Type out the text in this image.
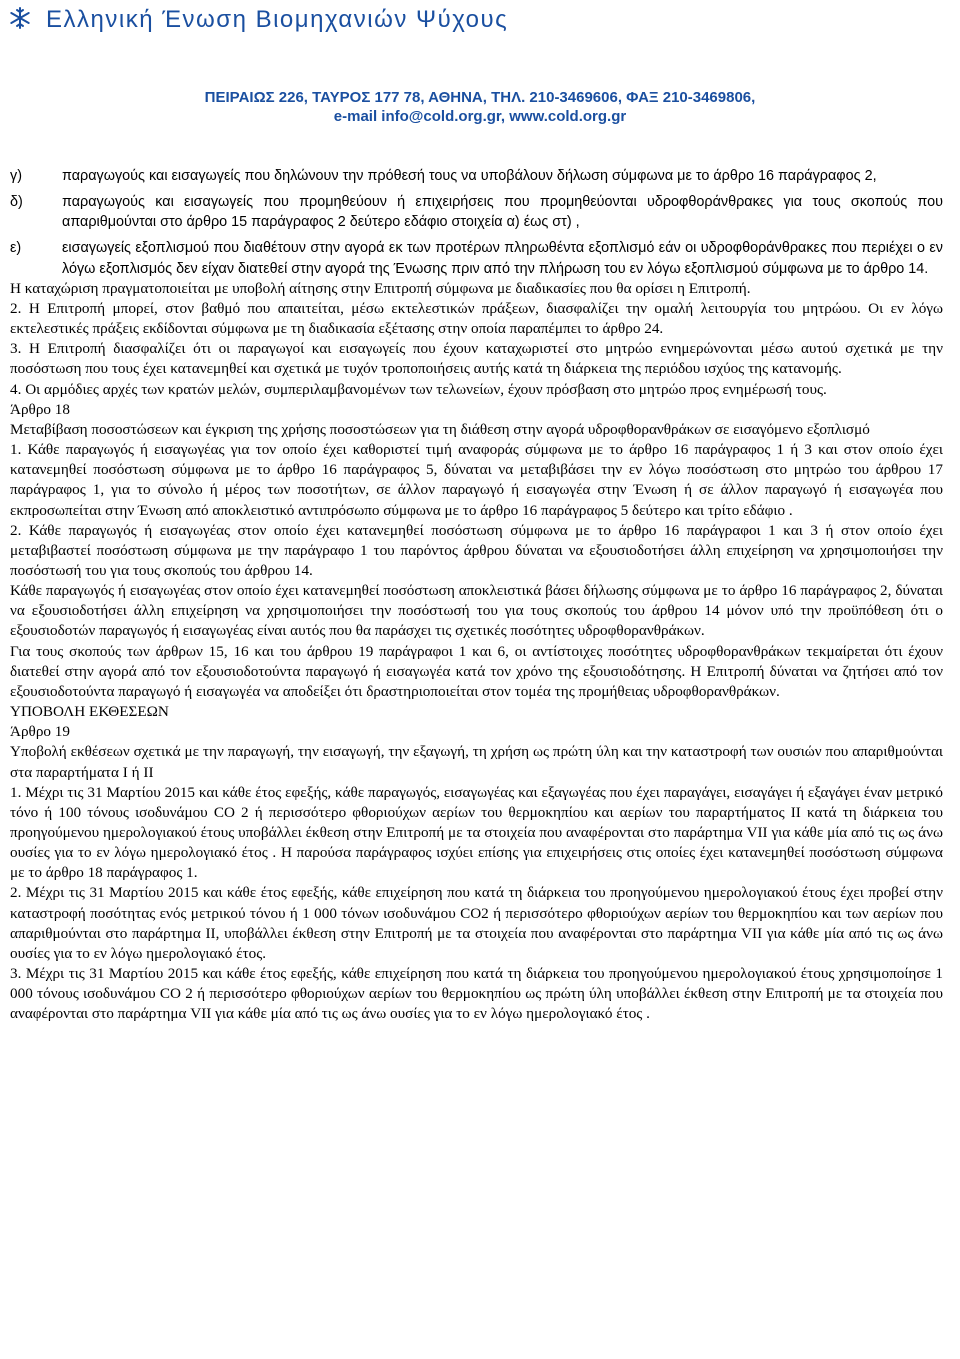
Ελληνική Ένωση Βιομηχανιών Ψύχους
ΠΕΙΡΑΙΩΣ 226, ΤΑΥΡΟΣ 177 78, ΑΘΗΝΑ, ΤΗΛ. 210-3469606, ΦΑΞ 210-3469806,
e-mail info@cold.org.gr, www.cold.org.gr
γ)	παραγωγούς και εισαγωγείς που δηλώνουν την πρόθεσή τους να υποβάλουν δήλωση σύμφωνα με το άρθρο 16 παράγραφος 2,
δ)	παραγωγούς και εισαγωγείς που προμηθεύουν ή επιχειρήσεις που προμηθεύονται υδροφθοράνθρακες για τους σκοπούς που απαριθμούνται στο άρθρο 15 παράγραφος 2 δεύτερο εδάφιο στοιχεία α) έως στ) ,
ε)	εισαγωγείς εξοπλισμού που διαθέτουν στην αγορά εκ των προτέρων πληρωθέντα εξοπλισμό εάν οι υδροφθοράνθρακες που περιέχει ο εν λόγω εξοπλισμός δεν είχαν διατεθεί στην αγορά της Ένωσης πριν από την πλήρωση του εν λόγω εξοπλισμού σύμφωνα με το άρθρο 14.

Η καταχώριση πραγματοποιείται με υποβολή αίτησης στην Επιτροπή σύμφωνα με διαδικασίες που θα ορίσει η Επιτροπή.

2. Η Επιτροπή μπορεί, στον βαθμό που απαιτείται, μέσω εκτελεστικών πράξεων, διασφαλίζει την ομαλή λειτουργία του μητρώου. Οι εν λόγω εκτελεστικές πράξεις εκδίδονται σύμφωνα με τη διαδικασία εξέτασης στην οποία παραπέμπει το άρθρο 24.

3. Η Επιτροπή διασφαλίζει ότι οι παραγωγοί και εισαγωγείς που έχουν καταχωριστεί στο μητρώο ενημερώνονται μέσω αυτού σχετικά με την ποσόστωση που τους έχει κατανεμηθεί και σχετικά με τυχόν τροποποιήσεις αυτής κατά τη διάρκεια της περιόδου ισχύος της κατανομής.

4. Οι αρμόδιες αρχές των κρατών μελών, συμπεριλαμβανομένων των τελωνείων, έχουν πρόσβαση στο μητρώο προς ενημέρωσή τους.

Άρθρο 18

Μεταβίβαση ποσοστώσεων και έγκριση της χρήσης ποσοστώσεων για τη διάθεση στην αγορά υδροφθορανθράκων σε εισαγόμενο εξοπλισμό

1. Κάθε παραγωγός ή εισαγωγέας για τον οποίο έχει καθοριστεί τιμή αναφοράς σύμφωνα με το άρθρο 16 παράγραφος 1 ή 3 και στον οποίο έχει κατανεμηθεί ποσόστωση σύμφωνα με το άρθρο 16 παράγραφος 5, δύναται να μεταβιβάσει την εν λόγω ποσόστωση στο μητρώο του άρθρου 17 παράγραφος 1, για το σύνολο ή μέρος των ποσοτήτων, σε άλλον παραγωγό ή εισαγωγέα στην Ένωση ή σε άλλον παραγωγό ή εισαγωγέα που εκπροσωπείται στην Ένωση από αποκλειστικό αντιπρόσωπο σύμφωνα με το άρθρο 16 παράγραφος 5 δεύτερο και τρίτο εδάφιο .

2. Κάθε παραγωγός ή εισαγωγέας στον οποίο έχει κατανεμηθεί ποσόστωση σύμφωνα με το άρθρο 16 παράγραφοι 1 και 3 ή στον οποίο έχει μεταβιβαστεί ποσόστωση σύμφωνα με την παράγραφο 1 του παρόντος άρθρου δύναται να εξουσιοδοτήσει άλλη επιχείρηση να χρησιμοποιήσει την ποσόστωσή του για τους σκοπούς του άρθρου 14.

Κάθε παραγωγός ή εισαγωγέας στον οποίο έχει κατανεμηθεί ποσόστωση αποκλειστικά βάσει δήλωσης σύμφωνα με το άρθρο 16 παράγραφος 2, δύναται να εξουσιοδοτήσει άλλη επιχείρηση να χρησιμοποιήσει την ποσόστωσή του για τους σκοπούς του άρθρου 14 μόνον υπό την προϋπόθεση ότι ο εξουσιοδοτών παραγωγός ή εισαγωγέας είναι αυτός που θα παράσχει τις σχετικές ποσότητες υδροφθορανθράκων.

Για τους σκοπούς των άρθρων 15, 16 και του άρθρου 19 παράγραφοι 1 και 6, οι αντίστοιχες ποσότητες υδροφθορανθράκων τεκμαίρεται ότι έχουν διατεθεί στην αγορά από τον εξουσιοδοτούντα παραγωγό ή εισαγωγέα κατά τον χρόνο της εξουσιοδότησης. Η Επιτροπή δύναται να ζητήσει από τον εξουσιοδοτούντα παραγωγό ή εισαγωγέα να αποδείξει ότι δραστηριοποιείται στον τομέα της προμήθειας υδροφθορανθράκων.

ΥΠΟΒΟΛΗ ΕΚΘΕΣΕΩΝ

Άρθρο 19

Υποβολή εκθέσεων σχετικά με την παραγωγή, την εισαγωγή, την εξαγωγή, τη χρήση ως πρώτη ύλη και την καταστροφή των ουσιών που απαριθμούνται στα παραρτήματα Ι ή ΙΙ

1. Μέχρι τις 31 Μαρτίου 2015 και κάθε έτος εφεξής, κάθε παραγωγός, εισαγωγέας και εξαγωγέας που έχει παραγάγει, εισαγάγει ή εξαγάγει έναν μετρικό τόνο ή 100 τόνους ισοδυνάμου CO 2 ή περισσότερο φθοριούχων αερίων του θερμοκηπίου και αερίων του παραρτήματος ΙΙ κατά τη διάρκεια του προηγούμενου ημερολογιακού έτους υποβάλλει έκθεση στην Επιτροπή με τα στοιχεία που αναφέρονται στο παράρτημα VII για κάθε μία από τις ως άνω ουσίες για το εν λόγω ημερολογιακό έτος . Η παρούσα παράγραφος ισχύει επίσης για επιχειρήσεις στις οποίες έχει κατανεμηθεί ποσόστωση σύμφωνα με το άρθρο 18 παράγραφος 1.

2. Μέχρι τις 31 Μαρτίου 2015 και κάθε έτος εφεξής, κάθε επιχείρηση που κατά τη διάρκεια του προηγούμενου ημερολογιακού έτους έχει προβεί στην καταστροφή ποσότητας ενός μετρικού τόνου ή 1 000 τόνων ισοδυνάμου CO2 ή περισσότερο φθοριούχων αερίων του θερμοκηπίου και των αερίων που απαριθμούνται στο παράρτημα ΙΙ, υποβάλλει έκθεση στην Επιτροπή με τα στοιχεία που αναφέρονται στο παράρτημα VII για κάθε μία από τις ως άνω ουσίες για το εν λόγω ημερολογιακό έτος.

3. Μέχρι τις 31 Μαρτίου 2015 και κάθε έτος εφεξής, κάθε επιχείρηση που κατά τη διάρκεια του προηγούμενου ημερολογιακού έτους χρησιμοποίησε 1 000 τόνους ισοδυνάμου CO 2 ή περισσότερο φθοριούχων αερίων του θερμοκηπίου ως πρώτη ύλη υποβάλλει έκθεση στην Επιτροπή με τα στοιχεία που αναφέρονται στο παράρτημα VII για κάθε μία από τις ως άνω ουσίες για το εν λόγω ημερολογιακό έτος .
